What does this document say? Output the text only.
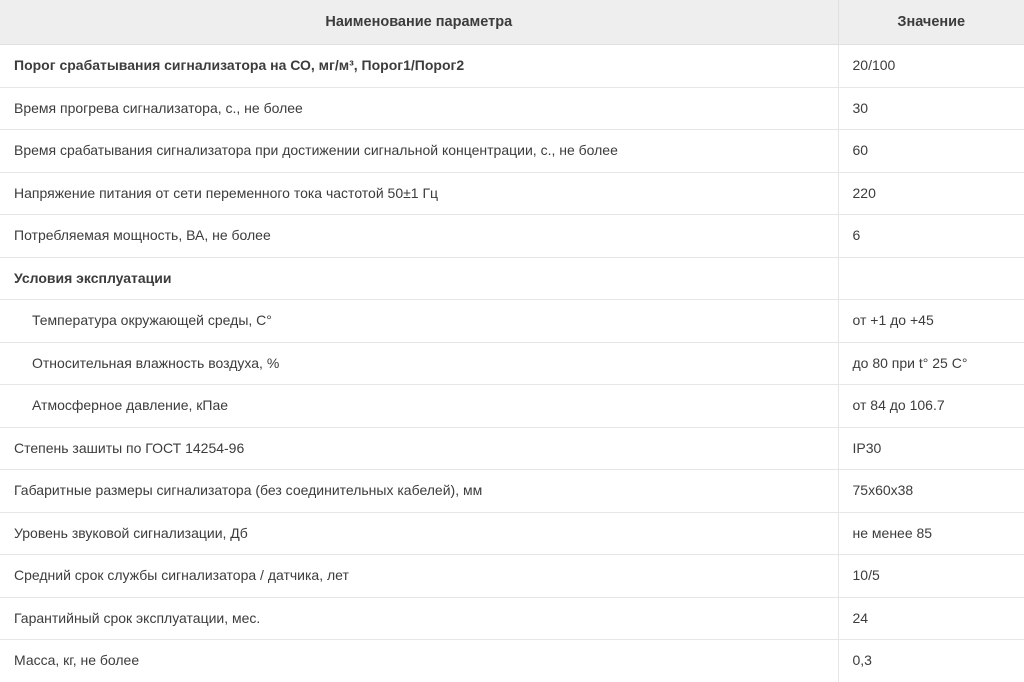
Наименование параметра	Значение
Порог срабатывания сигнализатора на СО, мг/м³, Порог1/Порог2	20/100
Время прогрева сигнализатора, с., не более	30
Время срабатывания сигнализатора при достижении сигнальной концентрации, с., не более	60
Напряжение питания от сети переменного тока частотой 50±1 Гц	220
Потребляемая мощность, ВА, не более	6
Условия эксплуатации	
Температура окружающей среды, С°	от +1 до +45
Относительная влажность воздуха, %	до 80 при t° 25 C°
Атмосферное давление, кПае	от 84 до 106.7
Степень зашиты по ГОСТ 14254-96	IP30
Габаритные размеры сигнализатора (без соединительных кабелей), мм	75х60х38
Уровень звуковой сигнализации, Дб	не менее 85
Средний срок службы сигнализатора / датчика, лет	10/5
Гарантийный срок эксплуатации, мес.	24
Масса, кг, не более	0,3
